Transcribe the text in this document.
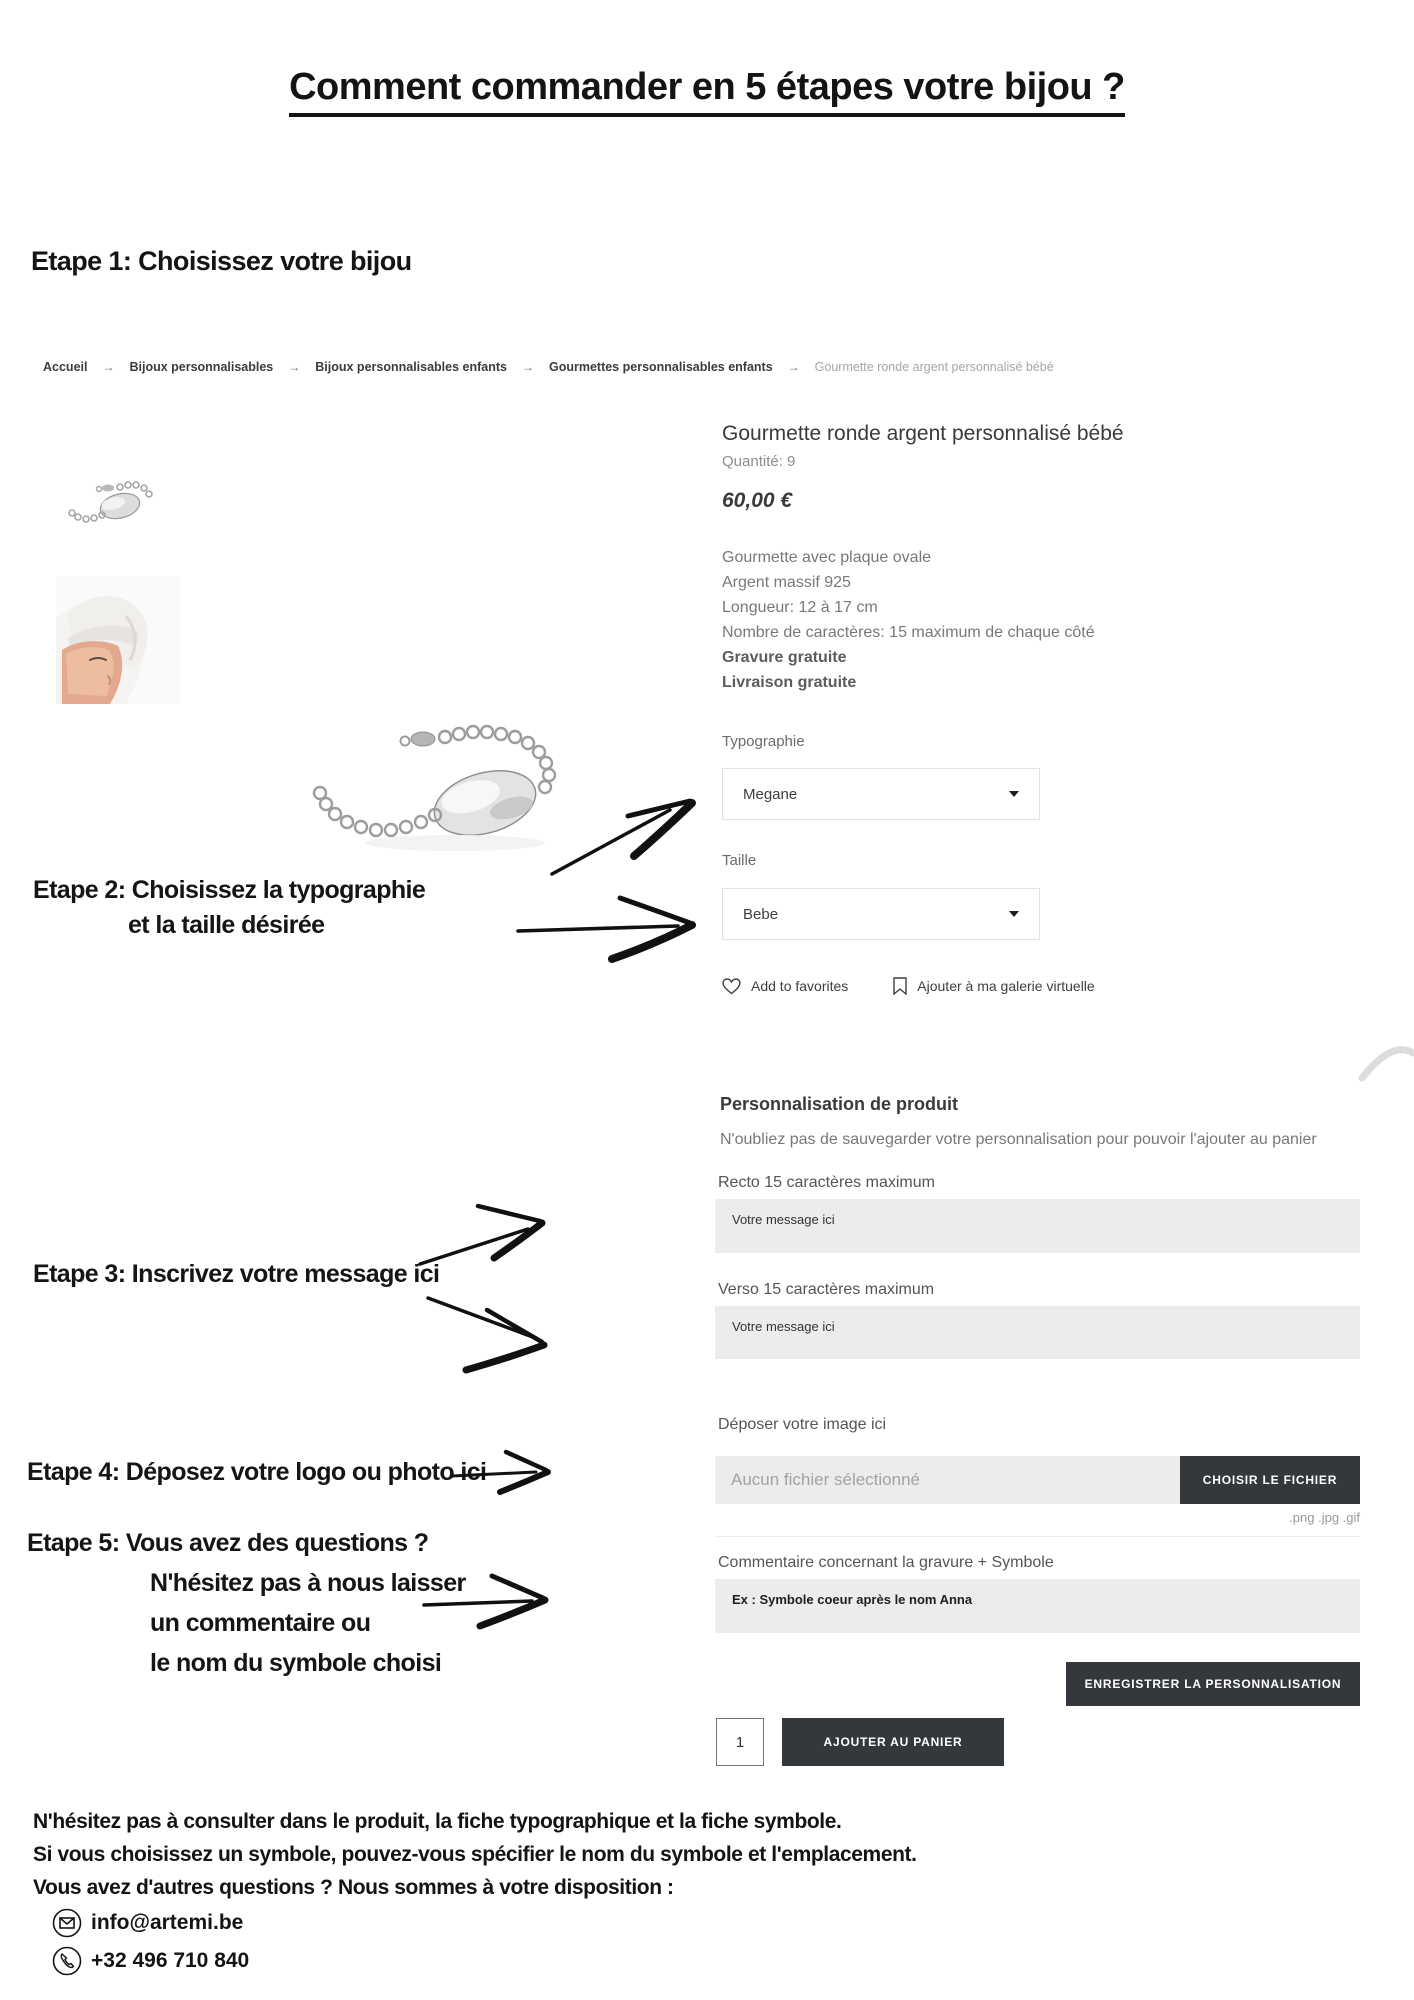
Comment commander en 5 étapes votre bijou ?
Etape 1: Choisissez votre bijou
Accueil → Bijoux personnalisables → Bijoux personnalisables enfants → Gourmettes personnalisables enfants → Gourmette ronde argent personnalisé bébé
Gourmette ronde argent personnalisé bébé
Quantité: 9
60,00 €
Gourmette avec plaque ovale
Argent massif 925
Longueur: 12 à 17 cm
Nombre de caractères: 15 maximum de chaque côté
Gravure gratuite
Livraison gratuite
Typographie
Megane
Taille
Bebe
Add to favorites	Ajouter à ma galerie virtuelle
Personnalisation de produit
N'oubliez pas de sauvegarder votre personnalisation pour pouvoir l'ajouter au panier
Recto 15 caractères maximum
Votre message ici
Verso 15 caractères maximum
Votre message ici
Déposer votre image ici
Aucun fichier sélectionné	CHOISIR LE FICHIER
.png .jpg .gif
Commentaire concernant la gravure + Symbole
Ex : Symbole coeur après le nom Anna
ENREGISTRER LA PERSONNALISATION
1	AJOUTER AU PANIER
Etape 2: Choisissez la typographie
et la taille désirée
Etape 3: Inscrivez votre message ici
Etape 4: Déposez votre logo ou photo ici
Etape 5: Vous avez des questions ?
N'hésitez pas à nous laisser
un commentaire ou
le nom du symbole choisi
N'hésitez pas à consulter dans le produit, la fiche typographique et la fiche symbole.
Si vous choisissez un symbole, pouvez-vous spécifier le nom du symbole et l'emplacement.
Vous avez d'autres questions ? Nous sommes à votre disposition :
info@artemi.be
+32 496 710 840
